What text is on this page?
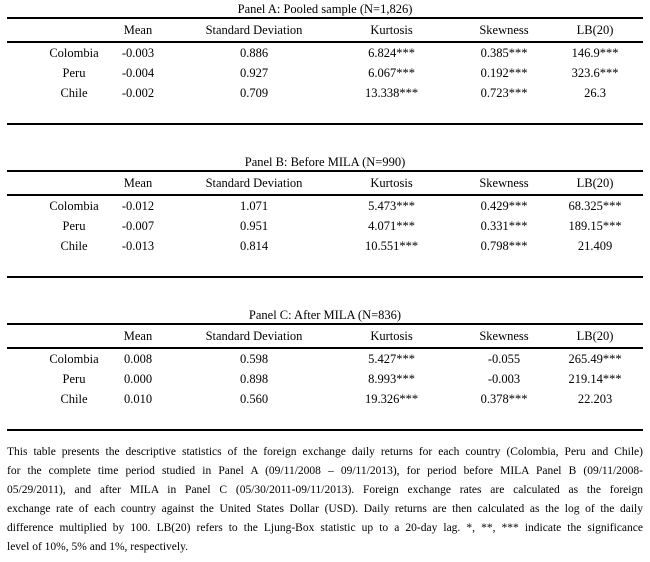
Panel A: Pooled sample (N=1,826)
	Mean	Standard Deviation	Kurtosis	Skewness	LB(20)
Colombia	-0.003	0.886	6.824***	0.385***	146.9***
Peru	-0.004	0.927	6.067***	0.192***	323.6***
Chile	-0.002	0.709	13.338***	0.723***	26.3

Panel B: Before MILA (N=990)
	Mean	Standard Deviation	Kurtosis	Skewness	LB(20)
Colombia	-0.012	1.071	5.473***	0.429***	68.325***
Peru	-0.007	0.951	4.071***	0.331***	189.15***
Chile	-0.013	0.814	10.551***	0.798***	21.409

Panel C: After MILA (N=836)
	Mean	Standard Deviation	Kurtosis	Skewness	LB(20)
Colombia	0.008	0.598	5.427***	-0.055	265.49***
Peru	0.000	0.898	8.993***	-0.003	219.14***
Chile	0.010	0.560	19.326***	0.378***	22.203

This table presents the descriptive statistics of the foreign exchange daily returns for each country (Colombia, Peru and Chile)
for the complete time period studied in Panel A (09/11/2008 – 09/11/2013), for period before MILA Panel B (09/11/2008-
05/29/2011), and after MILA in Panel C (05/30/2011-09/11/2013). Foreign exchange rates are calculated as the foreign
exchange rate of each country against the United States Dollar (USD). Daily returns are then calculated as the log of the daily
difference multiplied by 100. LB(20) refers to the Ljung-Box statistic up to a 20-day lag. *, **, *** indicate the significance
level of 10%, 5% and 1%, respectively.
